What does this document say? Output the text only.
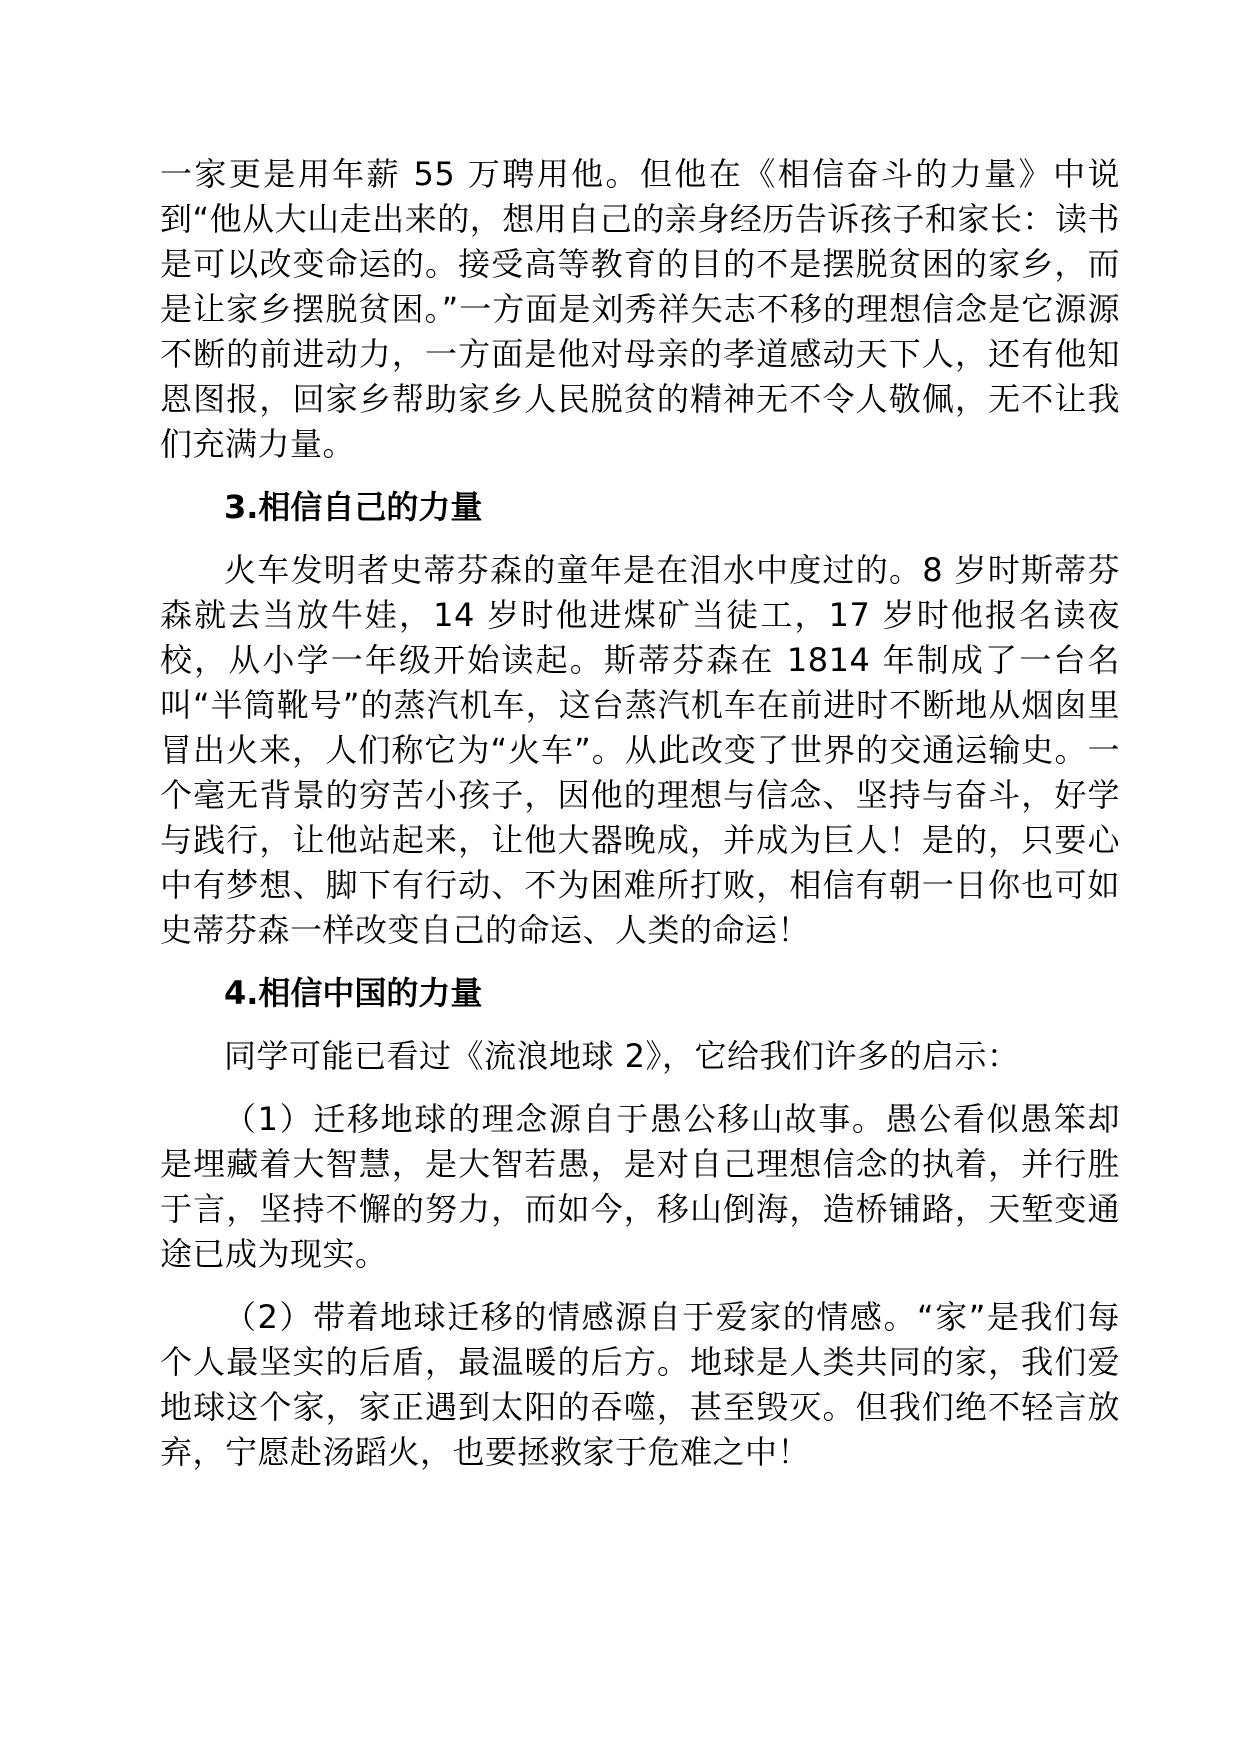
一家更是用年薪 55 万聘用他。但他在《相信奋斗的力量》中说到“他从大山走出来的，想用自己的亲身经历告诉孩子和家长：读书是可以改变命运的。接受高等教育的目的不是摆脱贫困的家乡，而是让家乡摆脱贫困。”一方面是刘秀祥矢志不移的理想信念是它源源不断的前进动力，一方面是他对母亲的孝道感动天下人，还有他知恩图报，回家乡帮助家乡人民脱贫的精神无不令人敬佩，无不让我们充满力量。

3.相信自己的力量

火车发明者史蒂芬森的童年是在泪水中度过的。8 岁时斯蒂芬森就去当放牛娃，14 岁时他进煤矿当徒工，17 岁时他报名读夜校，从小学一年级开始读起。斯蒂芬森在 1814 年制成了一台名叫“半筒靴号”的蒸汽机车，这台蒸汽机车在前进时不断地从烟囱里冒出火来，人们称它为“火车”。从此改变了世界的交通运输史。一个毫无背景的穷苦小孩子，因他的理想与信念、坚持与奋斗，好学与践行，让他站起来，让他大器晚成，并成为巨人！是的，只要心中有梦想、脚下有行动、不为困难所打败，相信有朝一日你也可如史蒂芬森一样改变自己的命运、人类的命运！

4.相信中国的力量

同学可能已看过《流浪地球 2》，它给我们许多的启示：

（1）迁移地球的理念源自于愚公移山故事。愚公看似愚笨却是埋藏着大智慧，是大智若愚，是对自己理想信念的执着，并行胜于言，坚持不懈的努力，而如今，移山倒海，造桥铺路，天堑变通途已成为现实。

（2）带着地球迁移的情感源自于爱家的情感。“家”是我们每个人最坚实的后盾，最温暖的后方。地球是人类共同的家，我们爱地球这个家，家正遇到太阳的吞噬，甚至毁灭。但我们绝不轻言放弃，宁愿赴汤蹈火，也要拯救家于危难之中！
